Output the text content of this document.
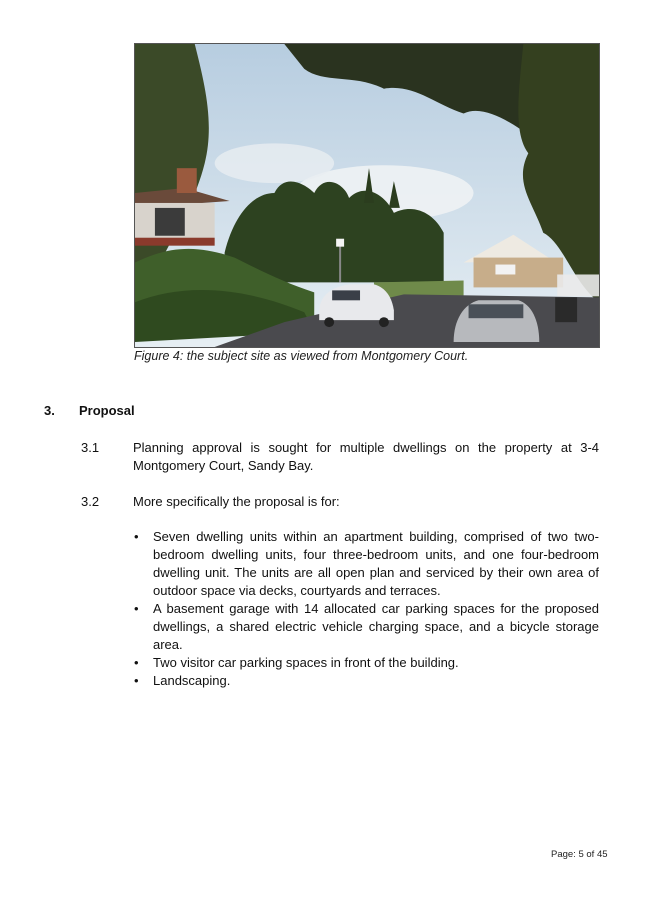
Figure 4: the subject site as viewed from Montgomery Court.
3. Proposal
3.1	Planning approval is sought for multiple dwellings on the property at 3-4 Montgomery Court, Sandy Bay.
3.2	More specifically the proposal is for:
• Seven dwelling units within an apartment building, comprised of two two-bedroom dwelling units, four three-bedroom units, and one four-bedroom dwelling unit. The units are all open plan and serviced by their own area of outdoor space via decks, courtyards and terraces.
• A basement garage with 14 allocated car parking spaces for the proposed dwellings, a shared electric vehicle charging space, and a bicycle storage area.
• Two visitor car parking spaces in front of the building.
• Landscaping.
Page: 5 of 45
